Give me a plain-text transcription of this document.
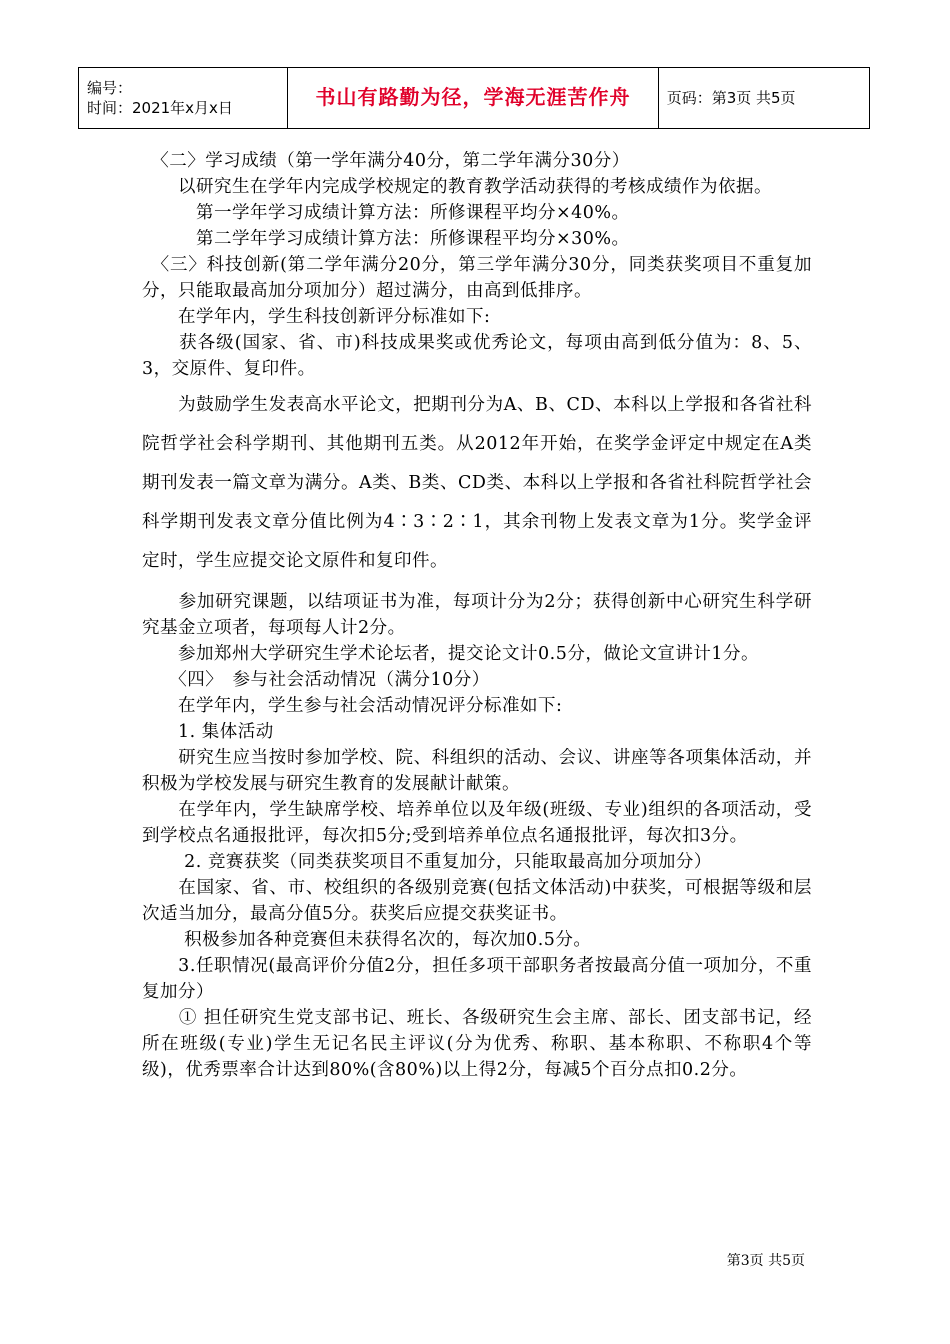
编号：
时间：2021年x月x日	书山有路勤为径，学海无涯苦作舟	页码：第3页 共5页

　〈二〉学习成绩（第一学年满分40分，第二学年满分30分）

　　以研究生在学年内完成学校规定的教育教学活动获得的考核成绩作为依据。

　　　第一学年学习成绩计算方法：所修课程平均分×40%。

　　　第二学年学习成绩计算方法：所修课程平均分×30%。

　〈三〉科技创新(第二学年满分20分，第三学年满分30分，同类获奖项目不重复加分，只能取最高加分项加分）超过满分，由高到低排序。

　　在学年内，学生科技创新评分标准如下:

　　获各级(国家、省、市)科技成果奖或优秀论文，每项由高到低分值为：8、5、3，交原件、复印件。

　　为鼓励学生发表高水平论文，把期刊分为A、B、CD、本科以上学报和各省社科院哲学社会科学期刊、其他期刊五类。从2012年开始，在奖学金评定中规定在A类期刊发表一篇文章为满分。A类、B类、CD类、本科以上学报和各省社科院哲学社会科学期刊发表文章分值比例为4∶3∶2∶1，其余刊物上发表文章为1分。奖学金评定时，学生应提交论文原件和复印件。

　　参加研究课题，以结项证书为准，每项计分为2分；获得创新中心研究生科学研究基金立项者，每项每人计2分。

　　参加郑州大学研究生学术论坛者，提交论文计0.5分，做论文宣讲计1分。

　　〈四〉　参与社会活动情况（满分10分）

　　在学年内，学生参与社会活动情况评分标准如下:

　　1. 集体活动

　　研究生应当按时参加学校、院、科组织的活动、会议、讲座等各项集体活动，并积极为学校发展与研究生教育的发展献计献策。

　　在学年内，学生缺席学校、培养单位以及年级(班级、专业)组织的各项活动，受到学校点名通报批评，每次扣5分;受到培养单位点名通报批评，每次扣3分。

　　 2. 竞赛获奖（同类获奖项目不重复加分，只能取最高加分项加分）

　　在国家、省、市、校组织的各级别竞赛(包括文体活动)中获奖，可根据等级和层次适当加分，最高分值5分。获奖后应提交获奖证书。

　　 积极参加各种竞赛但未获得名次的，每次加0.5分。

　　3.任职情况(最高评价分值2分，担任多项干部职务者按最高分值一项加分，不重复加分）

　　① 担任研究生党支部书记、班长、各级研究生会主席、部长、团支部书记，经所在班级(专业)学生无记名民主评议(分为优秀、称职、基本称职、不称职4个等级)，优秀票率合计达到80%(含80%)以上得2分，每减5个百分点扣0.2分。

第3页 共5页
